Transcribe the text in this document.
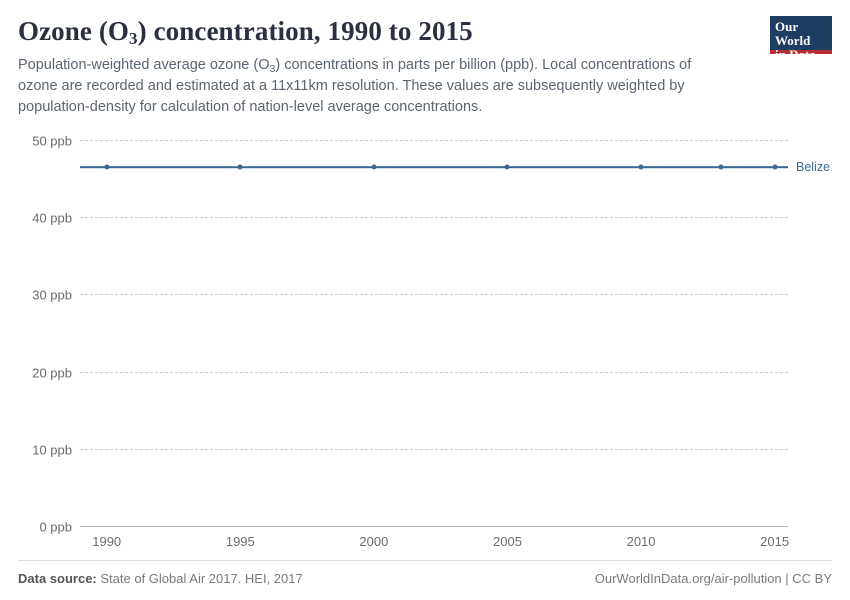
Ozone $(O_3)$ concentration, 1990 to 2015

Population-weighted average ozone $(O_3)$ concentrations in parts per billion (ppb). Local concentrations of ozone are recorded and estimated at a 11x11km resolution. These values are subsequently weighted by population-density for calculation of nation-level average concentrations.

Our World
in Data
1990	1995	2000	2005	2010	2015
0 ppb
10 ppb
20 ppb
30 ppb
40 ppb
50 ppb
Belize
Data source: State of Global Air 2017. HEI, 2017	OurWorldInData.org/air-pollution | CC BY
